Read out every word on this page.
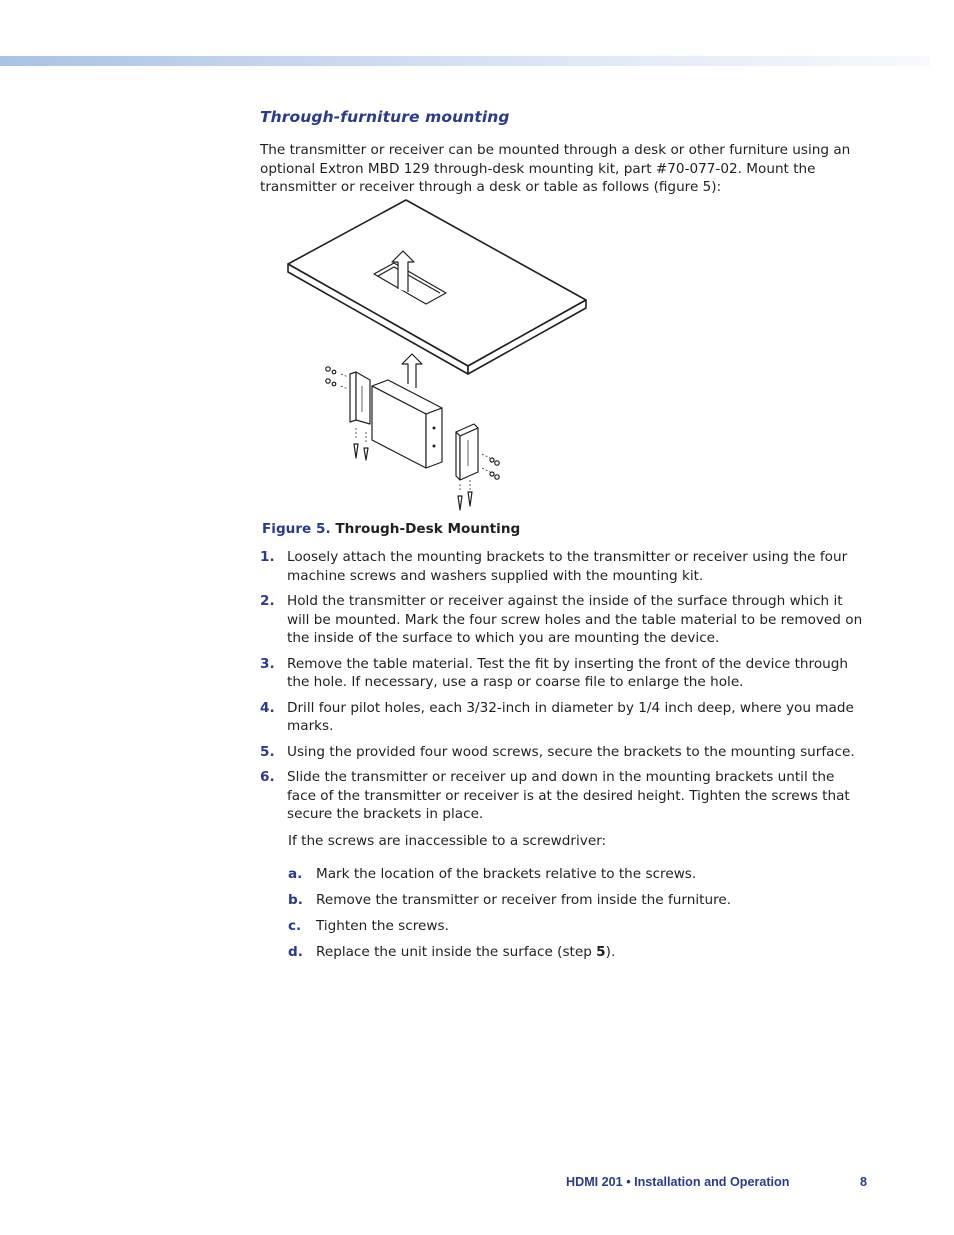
Through-furniture mounting
The transmitter or receiver can be mounted through a desk or other furniture using an optional Extron MBD 129 through-desk mounting kit, part #70-077-02. Mount the transmitter or receiver through a desk or table as follows (figure 5):
Figure 5. Through-Desk Mounting
1. Loosely attach the mounting brackets to the transmitter or receiver using the four machine screws and washers supplied with the mounting kit.
2. Hold the transmitter or receiver against the inside of the surface through which it will be mounted. Mark the four screw holes and the table material to be removed on the inside of the surface to which you are mounting the device.
3. Remove the table material. Test the fit by inserting the front of the device through the hole. If necessary, use a rasp or coarse file to enlarge the hole.
4. Drill four pilot holes, each 3/32-inch in diameter by 1/4 inch deep, where you made marks.
5. Using the provided four wood screws, secure the brackets to the mounting surface.
6. Slide the transmitter or receiver up and down in the mounting brackets until the face of the transmitter or receiver is at the desired height. Tighten the screws that secure the brackets in place.
If the screws are inaccessible to a screwdriver:
a. Mark the location of the brackets relative to the screws.
b. Remove the transmitter or receiver from inside the furniture.
c. Tighten the screws.
d. Replace the unit inside the surface (step 5).
HDMI 201 • Installation and Operation	8
